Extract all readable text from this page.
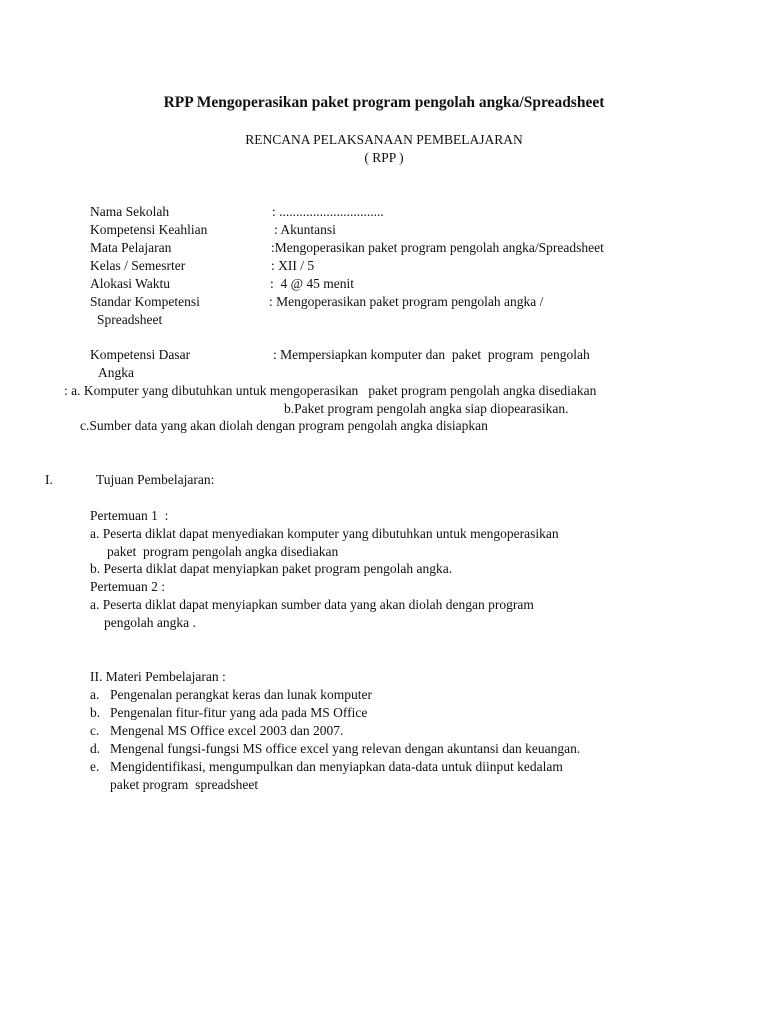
RPP Mengoperasikan paket program pengolah angka/Spreadsheet
RENCANA PELAKSANAAN PEMBELAJARAN
( RPP )
Nama Sekolah	: ...............................
Kompetensi Keahlian	: Akuntansi
Mata Pelajaran	:Mengoperasikan paket program pengolah angka/Spreadsheet
Kelas / Semesrter	: XII / 5
Alokasi Waktu	:  4 @ 45 menit
Standar Kompetensi	: Mengoperasikan paket program pengolah angka /
Spreadsheet
Kompetensi Dasar	: Mempersiapkan komputer dan  paket  program  pengolah
Angka
: a. Komputer yang dibutuhkan untuk mengoperasikan   paket program pengolah angka disediakan
b.Paket program pengolah angka siap diopearasikan.
c.Sumber data yang akan diolah dengan program pengolah angka disiapkan
I.	Tujuan Pembelajaran:
Pertemuan 1  :
a. Peserta diklat dapat menyediakan komputer yang dibutuhkan untuk mengoperasikan
paket  program pengolah angka disediakan
b. Peserta diklat dapat menyiapkan paket program pengolah angka.
Pertemuan 2 :
a. Peserta diklat dapat menyiapkan sumber data yang akan diolah dengan program
pengolah angka .
II. Materi Pembelajaran :
a. Pengenalan perangkat keras dan lunak komputer
b. Pengenalan fitur-fitur yang ada pada MS Office
c. Mengenal MS Office excel 2003 dan 2007.
d. Mengenal fungsi-fungsi MS office excel yang relevan dengan akuntansi dan keuangan.
e. Mengidentifikasi, mengumpulkan dan menyiapkan data-data untuk diinput kedalam
paket program  spreadsheet
